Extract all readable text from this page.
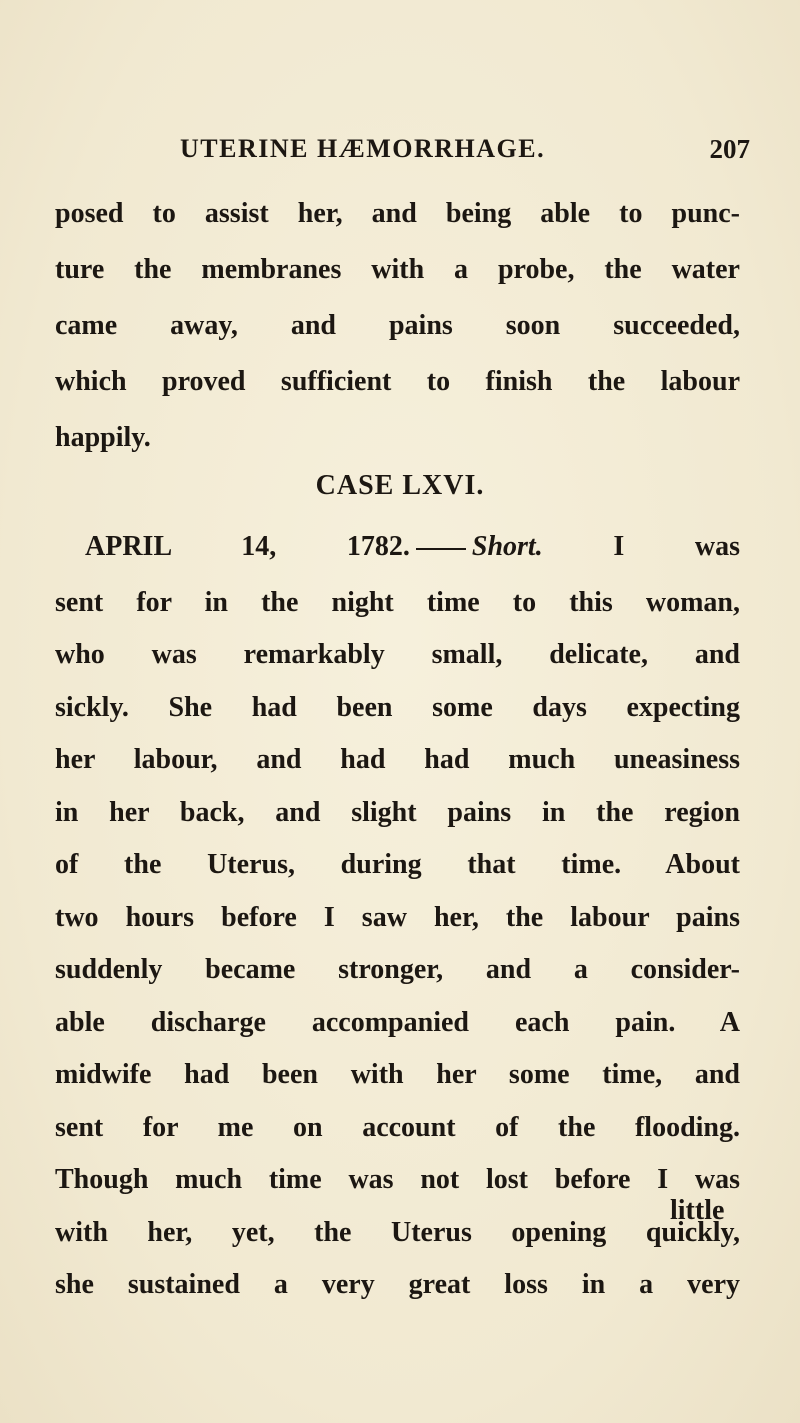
UTERINE HÆMORRHAGE.	207
posed to assist her, and being able to punc-
ture the membranes with a probe, the water
came away, and pains soon succeeded,
which proved sufficient to finish the labour
happily.
CASE LXVI.
APRIL 14, 1782. Short.	I was
sent for in the night time to this woman,
who was remarkably small, delicate, and
sickly. She had been some days expecting
her labour, and had had much uneasiness
in her back, and slight pains in the region
of the Uterus, during that time. About
two hours before I saw her, the labour pains
suddenly became stronger, and a consider-
able discharge accompanied each pain. A
midwife had been with her some time, and
sent for me on account of the flooding.
Though much time was not lost before I was
with her, yet, the Uterus opening quickly,
she sustained a very great loss in a very
little
